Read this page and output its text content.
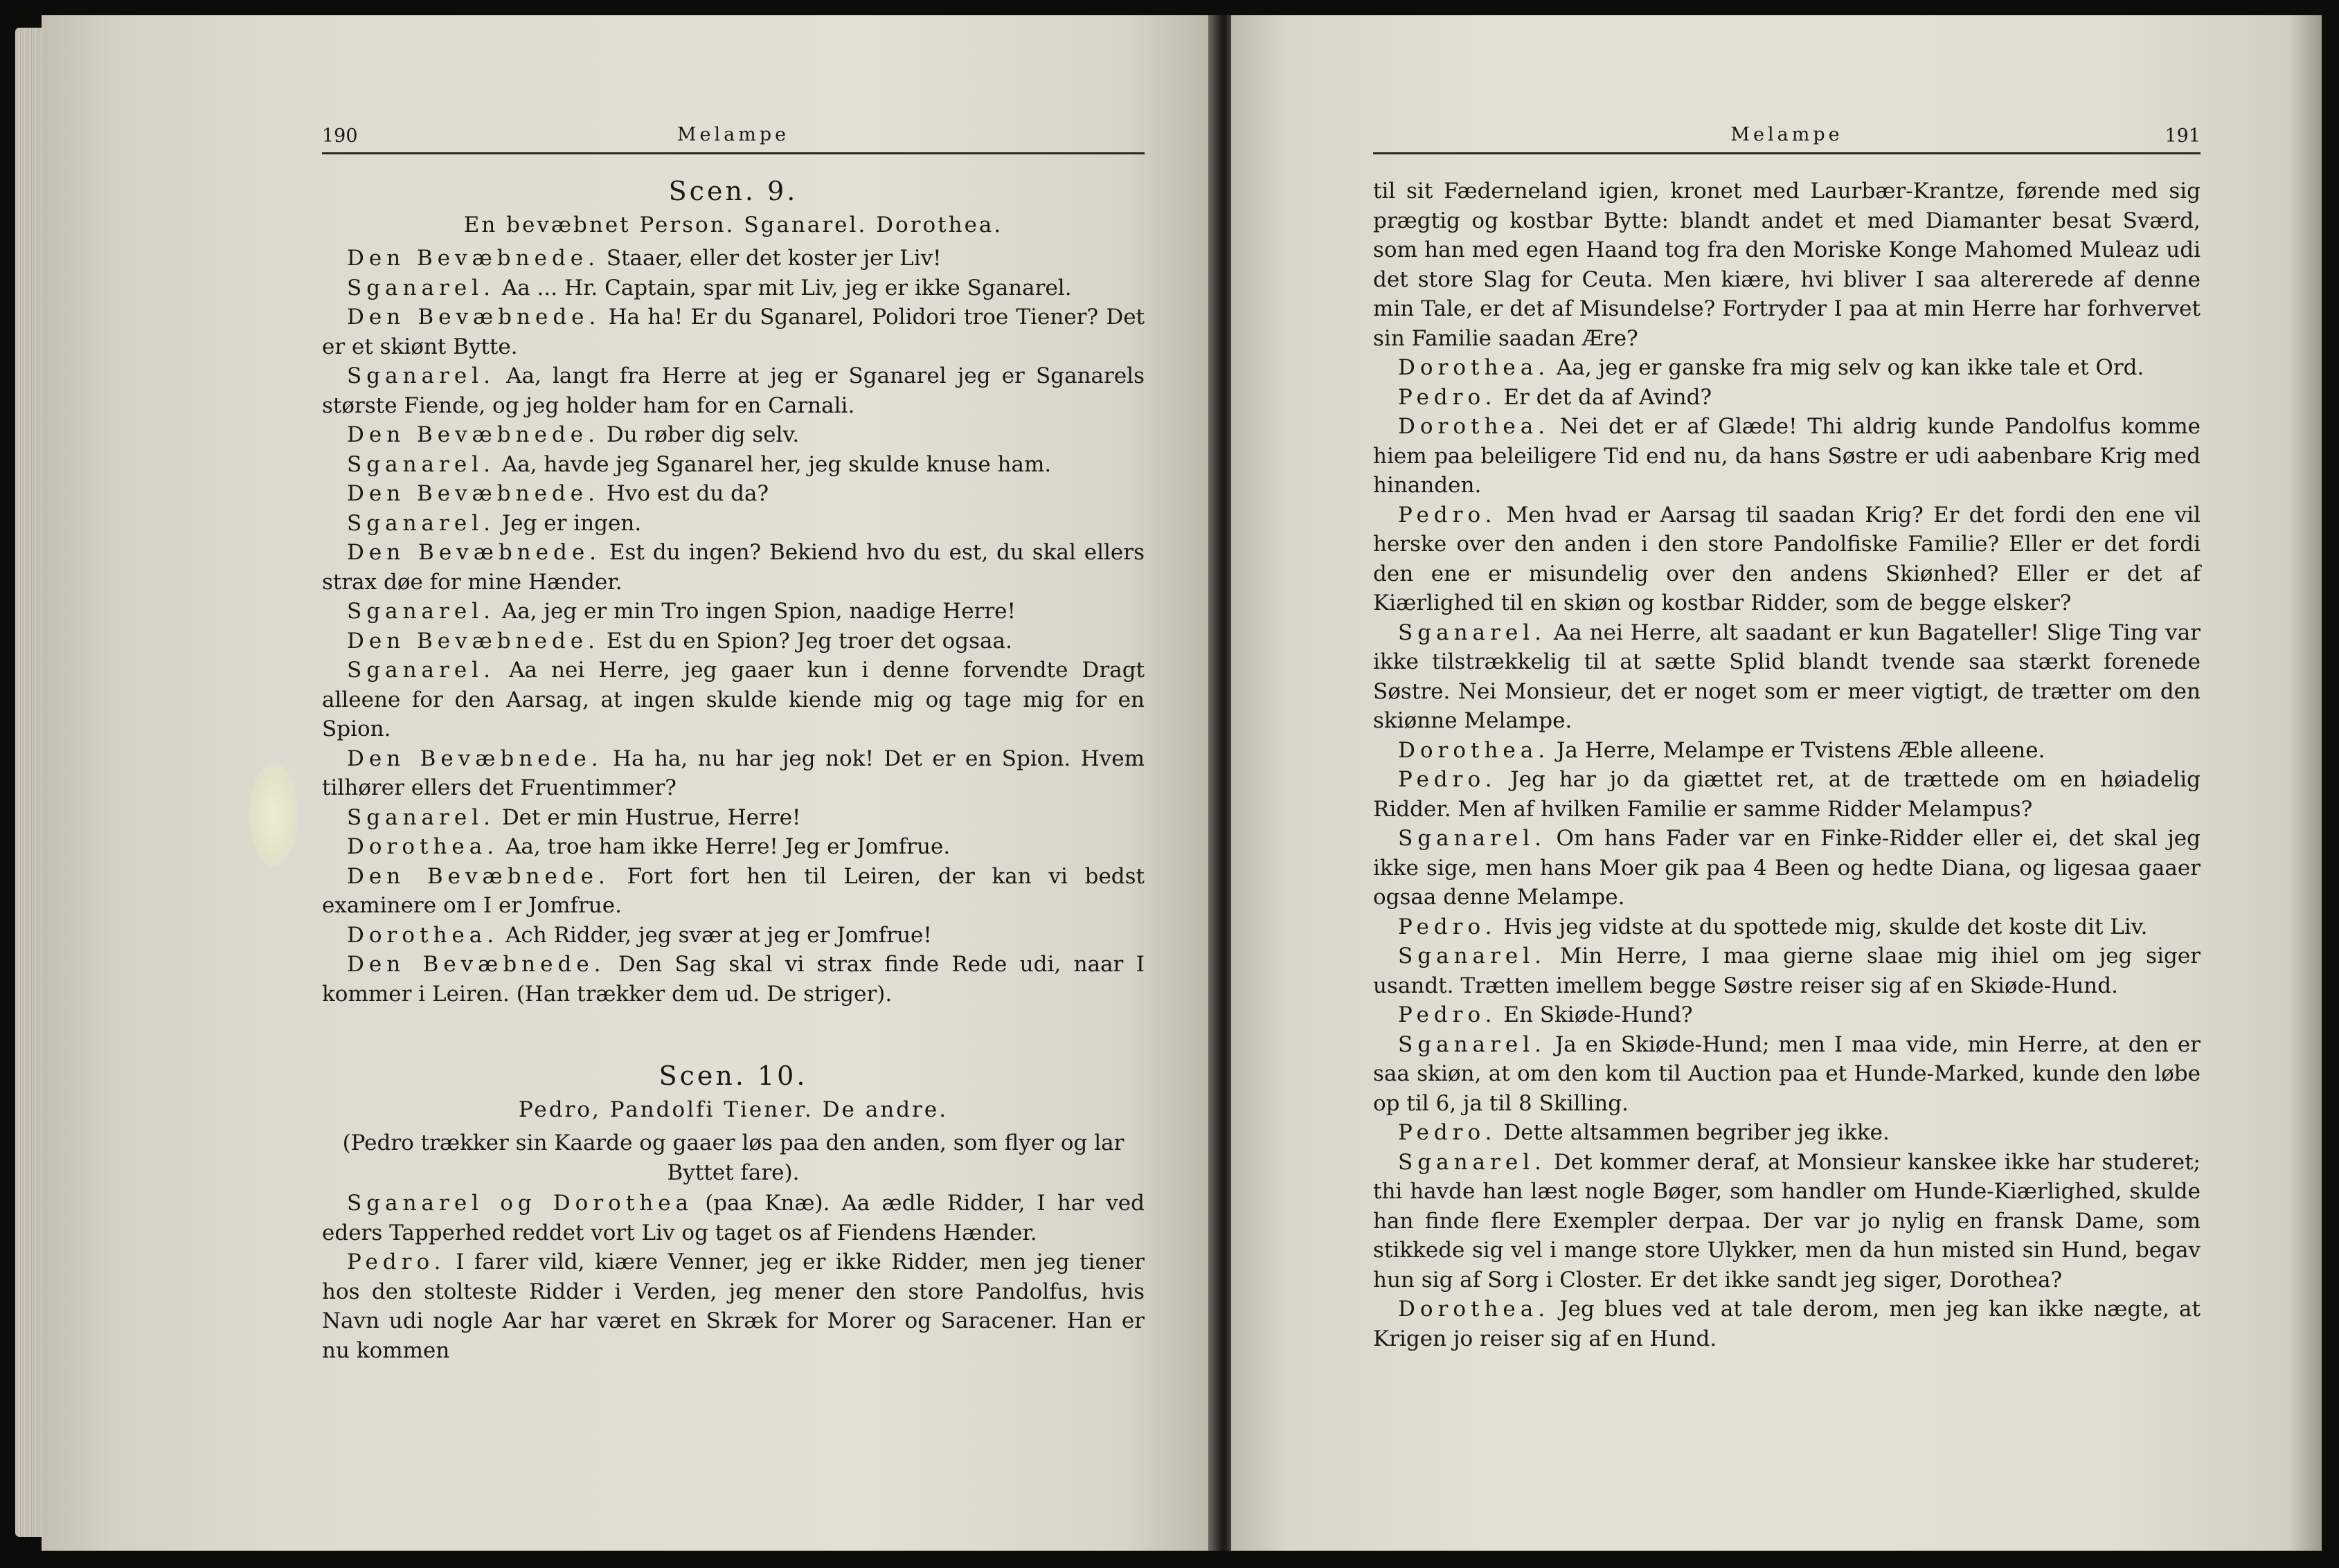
190	Melampe
Scen. 9.
En bevæbnet Person. Sganarel. Dorothea.

Den Bevæbnede. Staaer, eller det koster jer Liv!

Sganarel. Aa ... Hr. Captain, spar mit Liv, jeg er ikke Sganarel.

Den Bevæbnede. Ha ha! Er du Sganarel, Polidori troe Tiener? Det er et skiønt Bytte.

Sganarel. Aa, langt fra Herre at jeg er Sganarel jeg er Sganarels største Fiende, og jeg holder ham for en Carnali.

Den Bevæbnede. Du røber dig selv.

Sganarel. Aa, havde jeg Sganarel her, jeg skulde knuse ham.

Den Bevæbnede. Hvo est du da?

Sganarel. Jeg er ingen.

Den Bevæbnede. Est du ingen? Bekiend hvo du est, du skal ellers strax døe for mine Hænder.

Sganarel. Aa, jeg er min Tro ingen Spion, naadige Herre!

Den Bevæbnede. Est du en Spion? Jeg troer det ogsaa.

Sganarel. Aa nei Herre, jeg gaaer kun i denne forvendte Dragt alleene for den Aarsag, at ingen skulde kiende mig og tage mig for en Spion.

Den Bevæbnede. Ha ha, nu har jeg nok! Det er en Spion. Hvem tilhører ellers det Fruentimmer?

Sganarel. Det er min Hustrue, Herre!

Dorothea. Aa, troe ham ikke Herre! Jeg er Jomfrue.

Den Bevæbnede. Fort fort hen til Leiren, der kan vi bedst examinere om I er Jomfrue.

Dorothea. Ach Ridder, jeg svær at jeg er Jomfrue!

Den Bevæbnede. Den Sag skal vi strax finde Rede udi, naar I kommer i Leiren. (Han trækker dem ud. De striger).

Scen. 10.
Pedro, Pandolfi Tiener. De andre.
(Pedro trækker sin Kaarde og gaaer løs paa den anden, som flyer og lar Byttet fare).

Sganarel og Dorothea (paa Knæ). Aa ædle Ridder, I har ved eders Tapperhed reddet vort Liv og taget os af Fiendens Hænder.

Pedro. I farer vild, kiære Venner, jeg er ikke Ridder, men jeg tiener hos den stolteste Ridder i Verden, jeg mener den store Pandolfus, hvis Navn udi nogle Aar har været en Skræk for Morer og Saracener. Han er nu kommen

Melampe	191

til sit Fæderneland igien, kronet med Laurbær-Krantze, førende med sig prægtig og kostbar Bytte: blandt andet et med Diamanter besat Sværd, som han med egen Haand tog fra den Moriske Konge Mahomed Muleaz udi det store Slag for Ceuta. Men kiære, hvi bliver I saa altererede af denne min Tale, er det af Misundelse? Fortryder I paa at min Herre har forhvervet sin Familie saadan Ære?

Dorothea. Aa, jeg er ganske fra mig selv og kan ikke tale et Ord.

Pedro. Er det da af Avind?

Dorothea. Nei det er af Glæde! Thi aldrig kunde Pandolfus komme hiem paa beleiligere Tid end nu, da hans Søstre er udi aabenbare Krig med hinanden.

Pedro. Men hvad er Aarsag til saadan Krig? Er det fordi den ene vil herske over den anden i den store Pandolfiske Familie? Eller er det fordi den ene er misundelig over den andens Skiønhed? Eller er det af Kiærlighed til en skiøn og kostbar Ridder, som de begge elsker?

Sganarel. Aa nei Herre, alt saadant er kun Bagateller! Slige Ting var ikke tilstrækkelig til at sætte Splid blandt tvende saa stærkt forenede Søstre. Nei Monsieur, det er noget som er meer vigtigt, de trætter om den skiønne Melampe.

Dorothea. Ja Herre, Melampe er Tvistens Æble alleene.

Pedro. Jeg har jo da giættet ret, at de trættede om en høiadelig Ridder. Men af hvilken Familie er samme Ridder Melampus?

Sganarel. Om hans Fader var en Finke-Ridder eller ei, det skal jeg ikke sige, men hans Moer gik paa 4 Been og hedte Diana, og ligesaa gaaer ogsaa denne Melampe.

Pedro. Hvis jeg vidste at du spottede mig, skulde det koste dit Liv.

Sganarel. Min Herre, I maa gierne slaae mig ihiel om jeg siger usandt. Trætten imellem begge Søstre reiser sig af en Skiøde-Hund.

Pedro. En Skiøde-Hund?

Sganarel. Ja en Skiøde-Hund; men I maa vide, min Herre, at den er saa skiøn, at om den kom til Auction paa et Hunde-Marked, kunde den løbe op til 6, ja til 8 Skilling.

Pedro. Dette altsammen begriber jeg ikke.

Sganarel. Det kommer deraf, at Monsieur kanskee ikke har studeret; thi havde han læst nogle Bøger, som handler om Hunde-Kiærlighed, skulde han finde flere Exempler derpaa. Der var jo nylig en fransk Dame, som stikkede sig vel i mange store Ulykker, men da hun misted sin Hund, begav hun sig af Sorg i Closter. Er det ikke sandt jeg siger, Dorothea?

Dorothea. Jeg blues ved at tale derom, men jeg kan ikke nægte, at Krigen jo reiser sig af en Hund.
